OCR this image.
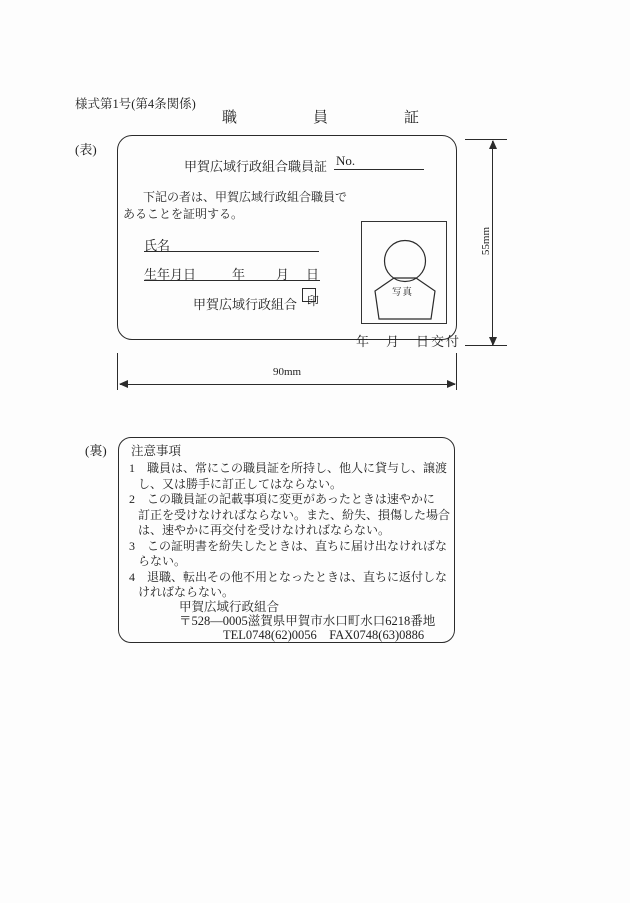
様式第1号(第4条関係)
職員証
(表)
甲賀広域行政組合職員証 No.
下記の者は、甲賀広域行政組合職員で
あることを証明する。
氏名
生年月日	年 月 日
甲賀広域行政組合 印
写真
年　月　日交付
55mm
90mm
(裏) 注意事項
1　職員は、常にこの職員証を所持し、他人に貸与し、譲渡
し、又は勝手に訂正してはならない。
2　この職員証の記載事項に変更があったときは速やかに
訂正を受けなければならない。また、紛失、損傷した場合
は、速やかに再交付を受けなければならない。
3　この証明書を紛失したときは、直ちに届け出なければな
らない。
4　退職、転出その他不用となったときは、直ちに返付しな
ければならない。
甲賀広域行政組合
〒528—0005滋賀県甲賀市水口町水口6218番地
TEL0748(62)0056　FAX0748(63)0886
